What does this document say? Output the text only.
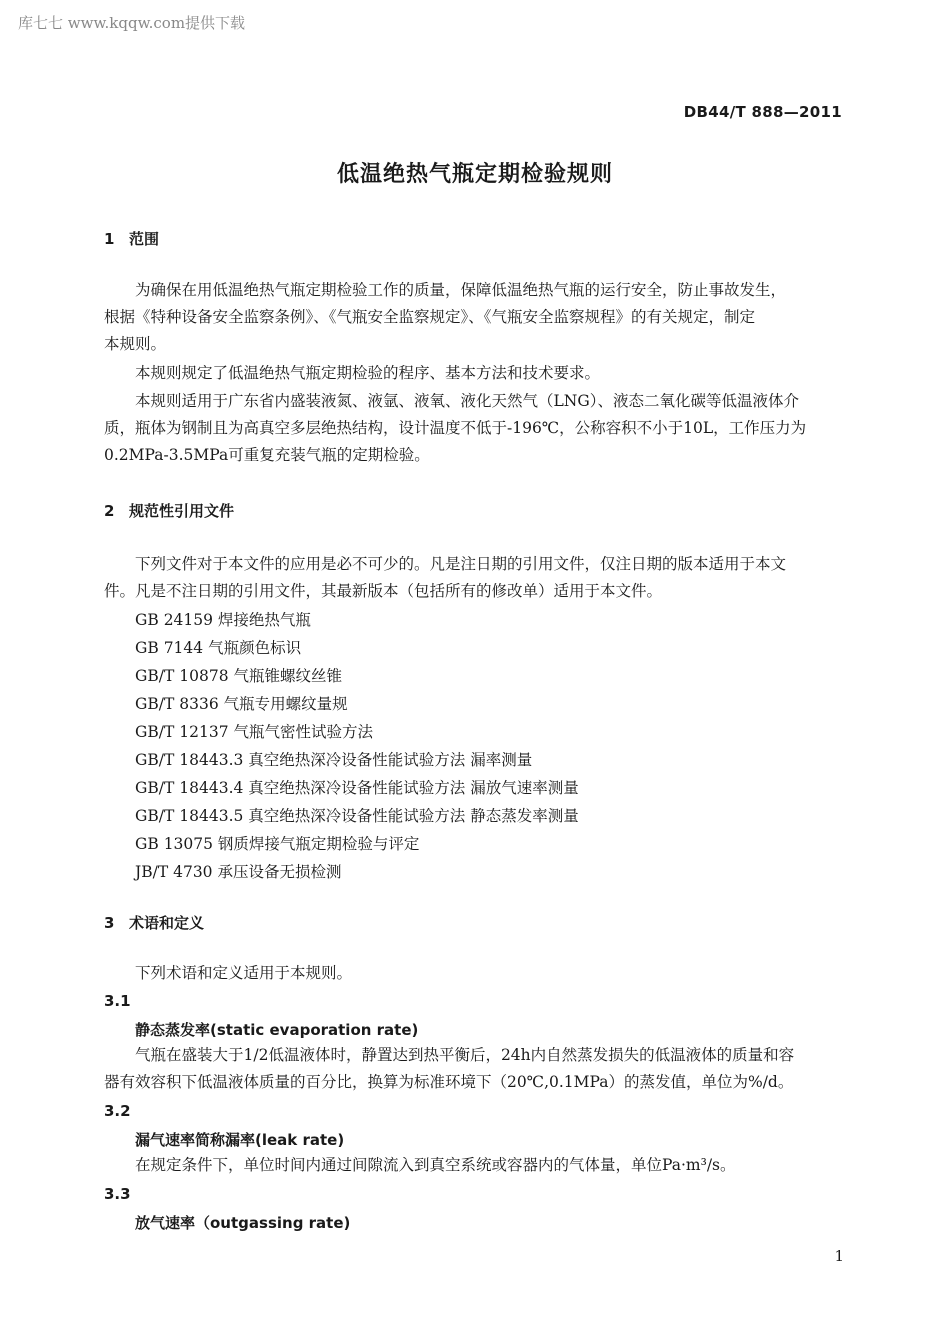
库七七 www.kqqw.com提供下载
DB44/T 888—2011
低温绝热气瓶定期检验规则
1 范围
为确保在用低温绝热气瓶定期检验工作的质量，保障低温绝热气瓶的运行安全，防止事故发生，
根据《特种设备安全监察条例》、《气瓶安全监察规定》、《气瓶安全监察规程》的有关规定，制定
本规则。
本规则规定了低温绝热气瓶定期检验的程序、基本方法和技术要求。
本规则适用于广东省内盛装液氮、液氩、液氧、液化天然气（LNG）、液态二氧化碳等低温液体介
质，瓶体为钢制且为高真空多层绝热结构，设计温度不低于-196℃，公称容积不小于10L，工作压力为
0.2MPa-3.5MPa可重复充装气瓶的定期检验。
2 规范性引用文件
下列文件对于本文件的应用是必不可少的。凡是注日期的引用文件，仅注日期的版本适用于本文
件。凡是不注日期的引用文件，其最新版本（包括所有的修改单）适用于本文件。
GB 24159 焊接绝热气瓶
GB 7144 气瓶颜色标识
GB/T 10878 气瓶锥螺纹丝锥
GB/T 8336 气瓶专用螺纹量规
GB/T 12137 气瓶气密性试验方法
GB/T 18443.3 真空绝热深冷设备性能试验方法 漏率测量
GB/T 18443.4 真空绝热深冷设备性能试验方法 漏放气速率测量
GB/T 18443.5 真空绝热深冷设备性能试验方法 静态蒸发率测量
GB 13075 钢质焊接气瓶定期检验与评定
JB/T 4730 承压设备无损检测
3 术语和定义
下列术语和定义适用于本规则。
3.1
静态蒸发率(static evaporation rate)
气瓶在盛装大于1/2低温液体时，静置达到热平衡后，24h内自然蒸发损失的低温液体的质量和容
器有效容积下低温液体质量的百分比，换算为标准环境下（20℃,0.1MPa）的蒸发值，单位为%/d。
3.2
漏气速率简称漏率(leak rate)
在规定条件下，单位时间内通过间隙流入到真空系统或容器内的气体量，单位Pa·m³/s。
3.3
放气速率（outgassing rate)
1
